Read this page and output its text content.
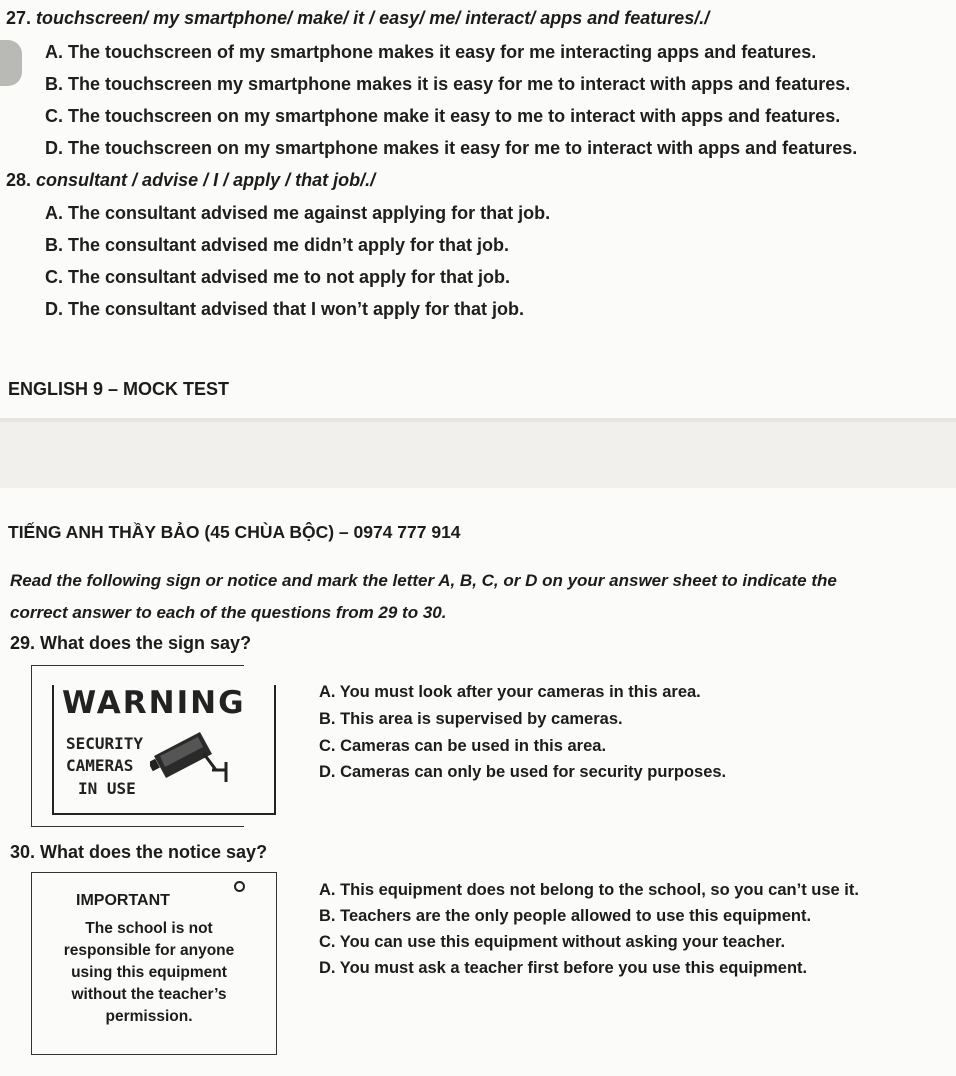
27. touchscreen/ my smartphone/ make/ it / easy/ me/ interact/ apps and features/./
A. The touchscreen of my smartphone makes it easy for me interacting apps and features.
B. The touchscreen my smartphone makes it is easy for me to interact with apps and features.
C. The touchscreen on my smartphone make it easy to me to interact with apps and features.
D. The touchscreen on my smartphone makes it easy for me to interact with apps and features.
28. consultant / advise / I / apply / that job/./
A. The consultant advised me against applying for that job.
B. The consultant advised me didn’t apply for that job.
C. The consultant advised me to not apply for that job.
D. The consultant advised that I won’t apply for that job.
ENGLISH 9 – MOCK TEST
TIẾNG ANH THẦY BẢO (45 CHÙA BỘC) – 0974 777 914
Read the following sign or notice and mark the letter A, B, C, or D on your answer sheet to indicate the
correct answer to each of the questions from 29 to 30.
29. What does the sign say?
WARNING
SECURITY
CAMERAS
IN USE
A. You must look after your cameras in this area.
B. This area is supervised by cameras.
C. Cameras can be used in this area.
D. Cameras can only be used for security purposes.
30. What does the notice say?
IMPORTANT
The school is not
responsible for anyone
using this equipment
without the teacher’s
permission.
A. This equipment does not belong to the school, so you can’t use it.
B. Teachers are the only people allowed to use this equipment.
C. You can use this equipment without asking your teacher.
D. You must ask a teacher first before you use this equipment.
